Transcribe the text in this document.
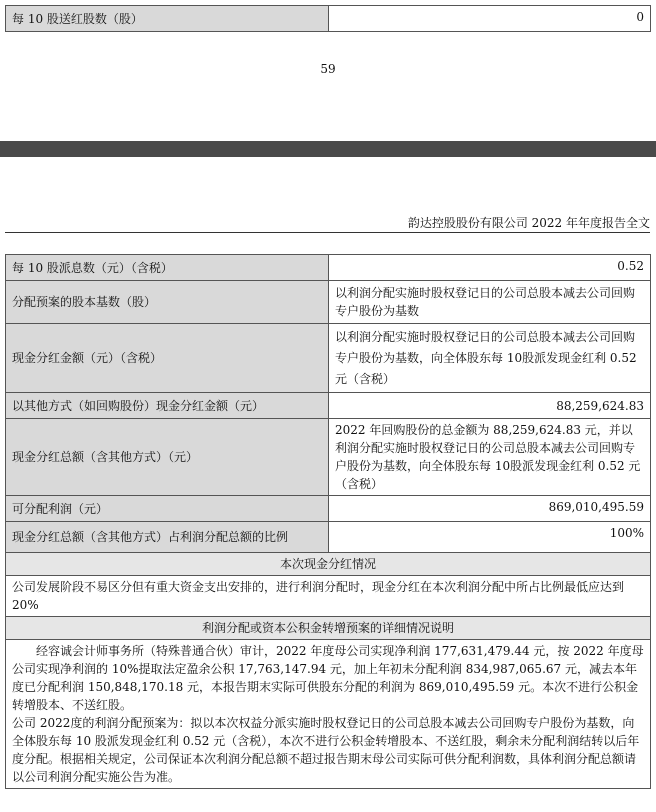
每 10 股送红股数（股）	0
59
韵达控股股份有限公司 2022 年年度报告全文
每 10 股派息数（元）（含税）	0.52
分配预案的股本基数（股）	以利润分配实施时股权登记日的公司总股本减去公司回购专户股份为基数
现金分红金额（元）（含税）	以利润分配实施时股权登记日的公司总股本减去公司回购专户股份为基数，向全体股东每 10股派发现金红利 0.52 元（含税）
以其他方式（如回购股份）现金分红金额（元）	88,259,624.83
现金分红总额（含其他方式）（元）	2022 年回购股份的总金额为 88,259,624.83 元，并以利润分配实施时股权登记日的公司总股本减去公司回购专户股份为基数，向全体股东每 10股派发现金红利 0.52 元（含税）
可分配利润（元）	869,010,495.59
现金分红总额（含其他方式）占利润分配总额的比例	100%
本次现金分红情况	
公司发展阶段不易区分但有重大资金支出安排的，进行利润分配时，现金分红在本次利润分配中所占比例最低应达到 20%	
利润分配或资本公积金转增预案的详细情况说明	

经容诚会计师事务所（特殊普通合伙）审计，2022 年度母公司实现净利润 177,631,479.44 元，按 2022 年度母公司实现净利润的 10%提取法定盈余公积 17,763,147.94 元，加上年初未分配利润 834,987,065.67 元，减去本年度已分配利润 150,848,170.18 元，本报告期末实际可供股东分配的利润为 869,010,495.59 元。本次不进行公积金转增股本、不送红股。
公司 2022度的利润分配预案为：拟以本次权益分派实施时股权登记日的公司总股本减去公司回购专户股份为基数，向全体股东每 10 股派发现金红利 0.52 元（含税），本次不进行公积金转增股本、不送红股，剩余未分配利润结转以后年度分配。根据相关规定，公司保证本次利润分配总额不超过报告期末母公司实际可供分配利润数，具体利润分配总额请以公司利润分配实施公告为准。	
